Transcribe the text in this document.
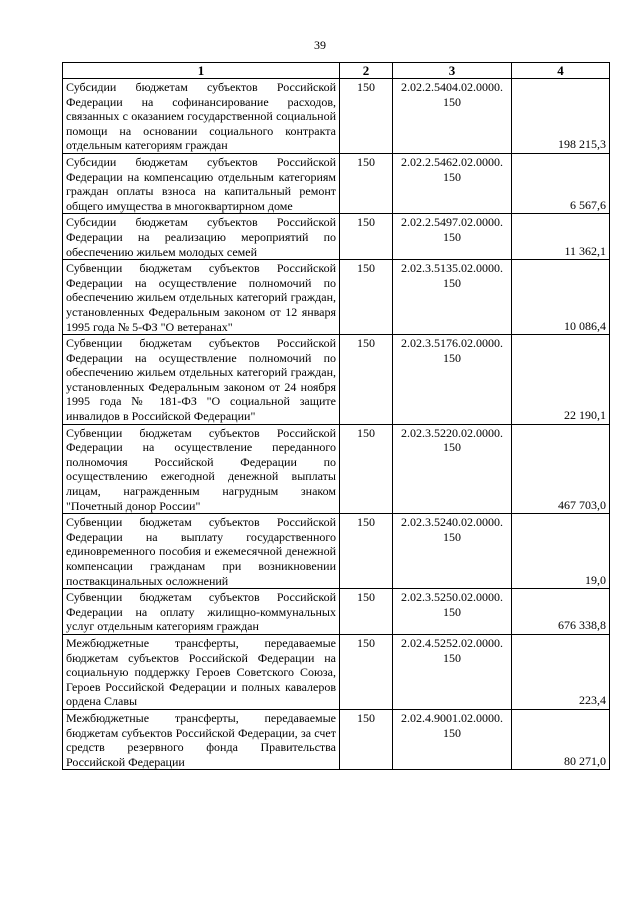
39
1	2	3	4
Субсидии бюджетам субъектов Российской Федерации на софинансирование расходов, связанных с оказанием государственной социальной помощи на основании социального контракта отдельным категориям граждан	150	2.02.2.5404.02.0000. 150	198 215,3
Субсидии бюджетам субъектов Российской Федерации на компенсацию отдельным категориям граждан оплаты взноса на капитальный ремонт общего имущества в многоквартирном доме	150	2.02.2.5462.02.0000. 150	6 567,6
Субсидии бюджетам субъектов Российской Федерации на реализацию мероприятий по обеспечению жильем молодых семей	150	2.02.2.5497.02.0000. 150	11 362,1
Субвенции бюджетам субъектов Российской Федерации на осуществление полномочий по обеспечению жильем отдельных категорий граждан, установленных Федеральным законом от 12 января 1995 года № 5-ФЗ "О ветеранах"	150	2.02.3.5135.02.0000. 150	10 086,4
Субвенции бюджетам субъектов Российской Федерации на осуществление полномочий по обеспечению жильем отдельных категорий граждан, установленных Федеральным законом от 24 ноября 1995 года № 181-ФЗ "О социальной защите инвалидов в Российской Федерации"	150	2.02.3.5176.02.0000. 150	22 190,1
Субвенции бюджетам субъектов Российской Федерации на осуществление переданного полномочия Российской Федерации по осуществлению ежегодной денежной выплаты лицам, награжденным нагрудным знаком "Почетный донор России"	150	2.02.3.5220.02.0000. 150	467 703,0
Субвенции бюджетам субъектов Российской Федерации на выплату государственного единовременного пособия и ежемесячной денежной компенсации гражданам при возникновении поствакцинальных осложнений	150	2.02.3.5240.02.0000. 150	19,0
Субвенции бюджетам субъектов Российской Федерации на оплату жилищно-коммунальных услуг отдельным категориям граждан	150	2.02.3.5250.02.0000. 150	676 338,8
Межбюджетные трансферты, передаваемые бюджетам субъектов Российской Федерации на социальную поддержку Героев Советского Союза, Героев Российской Федерации и полных кавалеров ордена Славы	150	2.02.4.5252.02.0000. 150	223,4
Межбюджетные трансферты, передаваемые бюджетам субъектов Российской Федерации, за счет средств резервного фонда Правительства Российской Федерации	150	2.02.4.9001.02.0000. 150	80 271,0
